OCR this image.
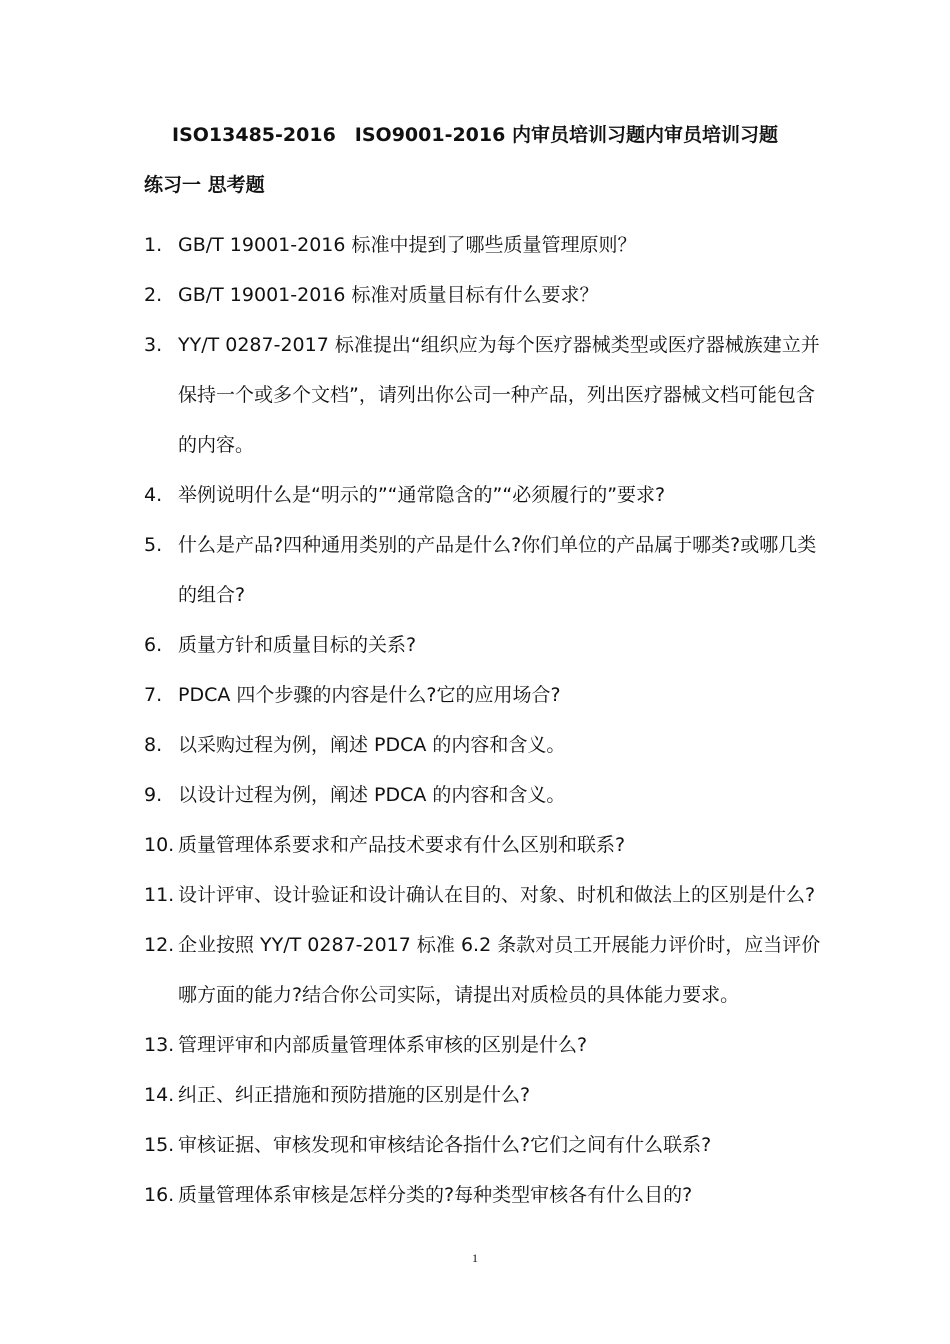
ISO13485-2016　ISO9001-2016 内审员培训习题内审员培训习题
练习一 思考题
1. GB/T 19001-2016 标准中提到了哪些质量管理原则？
2. GB/T 19001-2016 标准对质量目标有什么要求？
3. YY/T 0287-2017 标准提出“组织应为每个医疗器械类型或医疗器械族建立并保持一个或多个文档”，请列出你公司一种产品，列出医疗器械文档可能包含的内容。
4. 举例说明什么是“明示的”“通常隐含的”“必须履行的”要求?
5. 什么是产品?四种通用类别的产品是什么?你们单位的产品属于哪类?或哪几类的组合?
6. 质量方针和质量目标的关系?
7. PDCA 四个步骤的内容是什么?它的应用场合?
8. 以采购过程为例，阐述 PDCA 的内容和含义。
9. 以设计过程为例，阐述 PDCA 的内容和含义。
10. 质量管理体系要求和产品技术要求有什么区别和联系?
11. 设计评审、设计验证和设计确认在目的、对象、时机和做法上的区别是什么?
12. 企业按照 YY/T 0287-2017 标准 6.2 条款对员工开展能力评价时，应当评价哪方面的能力?结合你公司实际，请提出对质检员的具体能力要求。
13. 管理评审和内部质量管理体系审核的区别是什么?
14. 纠正、纠正措施和预防措施的区别是什么?
15. 审核证据、审核发现和审核结论各指什么?它们之间有什么联系?
16. 质量管理体系审核是怎样分类的?每种类型审核各有什么目的?
1
